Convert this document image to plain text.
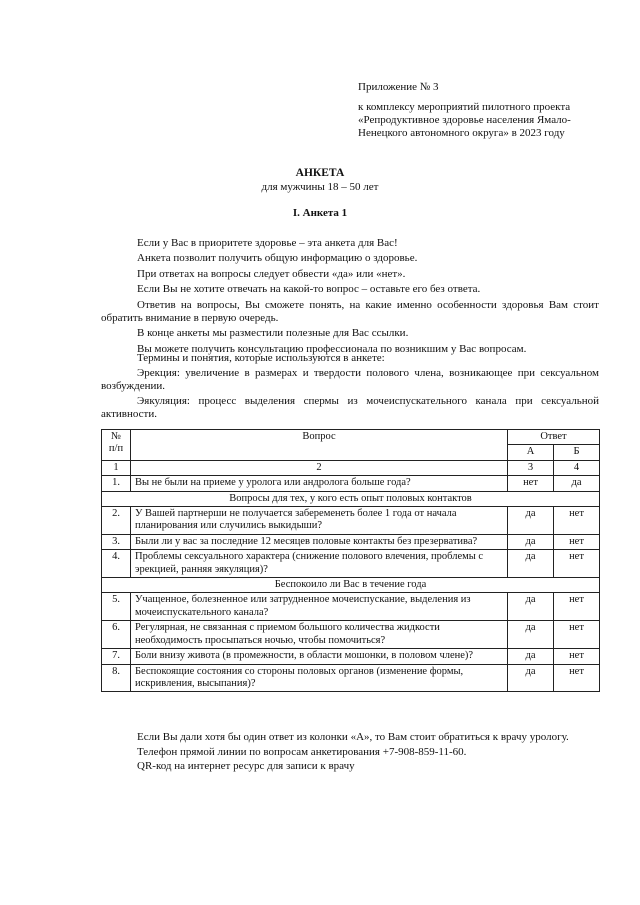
Приложение № 3
к комплексу мероприятий пилотного проекта «Репродуктивное здоровье населения Ямало-Ненецкого автономного округа» в 2023 году
АНКЕТА
для мужчины 18 – 50 лет
I. Анкета 1

Если у Вас в приоритете здоровье – эта анкета для Вас!

Анкета позволит получить общую информацию о здоровье.

При ответах на вопросы следует обвести «да» или «нет».

Если Вы не хотите отвечать на какой-то вопрос – оставьте его без ответа.

Ответив на вопросы, Вы сможете понять, на какие именно особенности здоровья Вам стоит обратить внимание в первую очередь.

В конце анкеты мы разместили полезные для Вас ссылки.

Вы можете получить консультацию профессионала по возникшим у Вас вопросам.

Термины и понятия, которые используются в анкете:

Эрекция: увеличение в размерах и твердости полового члена, возникающее при сексуальном возбуждении.

Эякуляция: процесс выделения спермы из мочеиспускательного канала при сексуальной активности.

№ п/п	Вопрос	Ответ	
		А	Б
1	2	3	4
1.	Вы не были на приеме у уролога или андролога больше года?	нет	да
Вопросы для тех, у кого есть опыт половых контактов			
2.	У Вашей партнерши не получается забеременеть более 1 года от начала планирования или случились выкидыши?	да	нет
3.	Были ли у вас за последние 12 месяцев половые контакты без презерватива?	да	нет
4.	Проблемы сексуального характера (снижение полового влечения, проблемы с эрекцией, ранняя эякуляция)?	да	нет
Беспокоило ли Вас в течение года			
5.	Учащенное, болезненное или затрудненное мочеиспускание, выделения из мочеиспускательного канала?	да	нет
6.	Регулярная, не связанная с приемом большого количества жидкости необходимость просыпаться ночью, чтобы помочиться?	да	нет
7.	Боли внизу живота (в промежности, в области мошонки, в половом члене)?	да	нет
8.	Беспокоящие состояния со стороны половых органов (изменение формы, искривления, высыпания)?	да	нет

Если Вы дали хотя бы один ответ из колонки «А», то Вам стоит обратиться к врачу урологу.

Телефон прямой линии по вопросам анкетирования +7-908-859-11-60.

QR-код на интернет ресурс для записи к врачу
